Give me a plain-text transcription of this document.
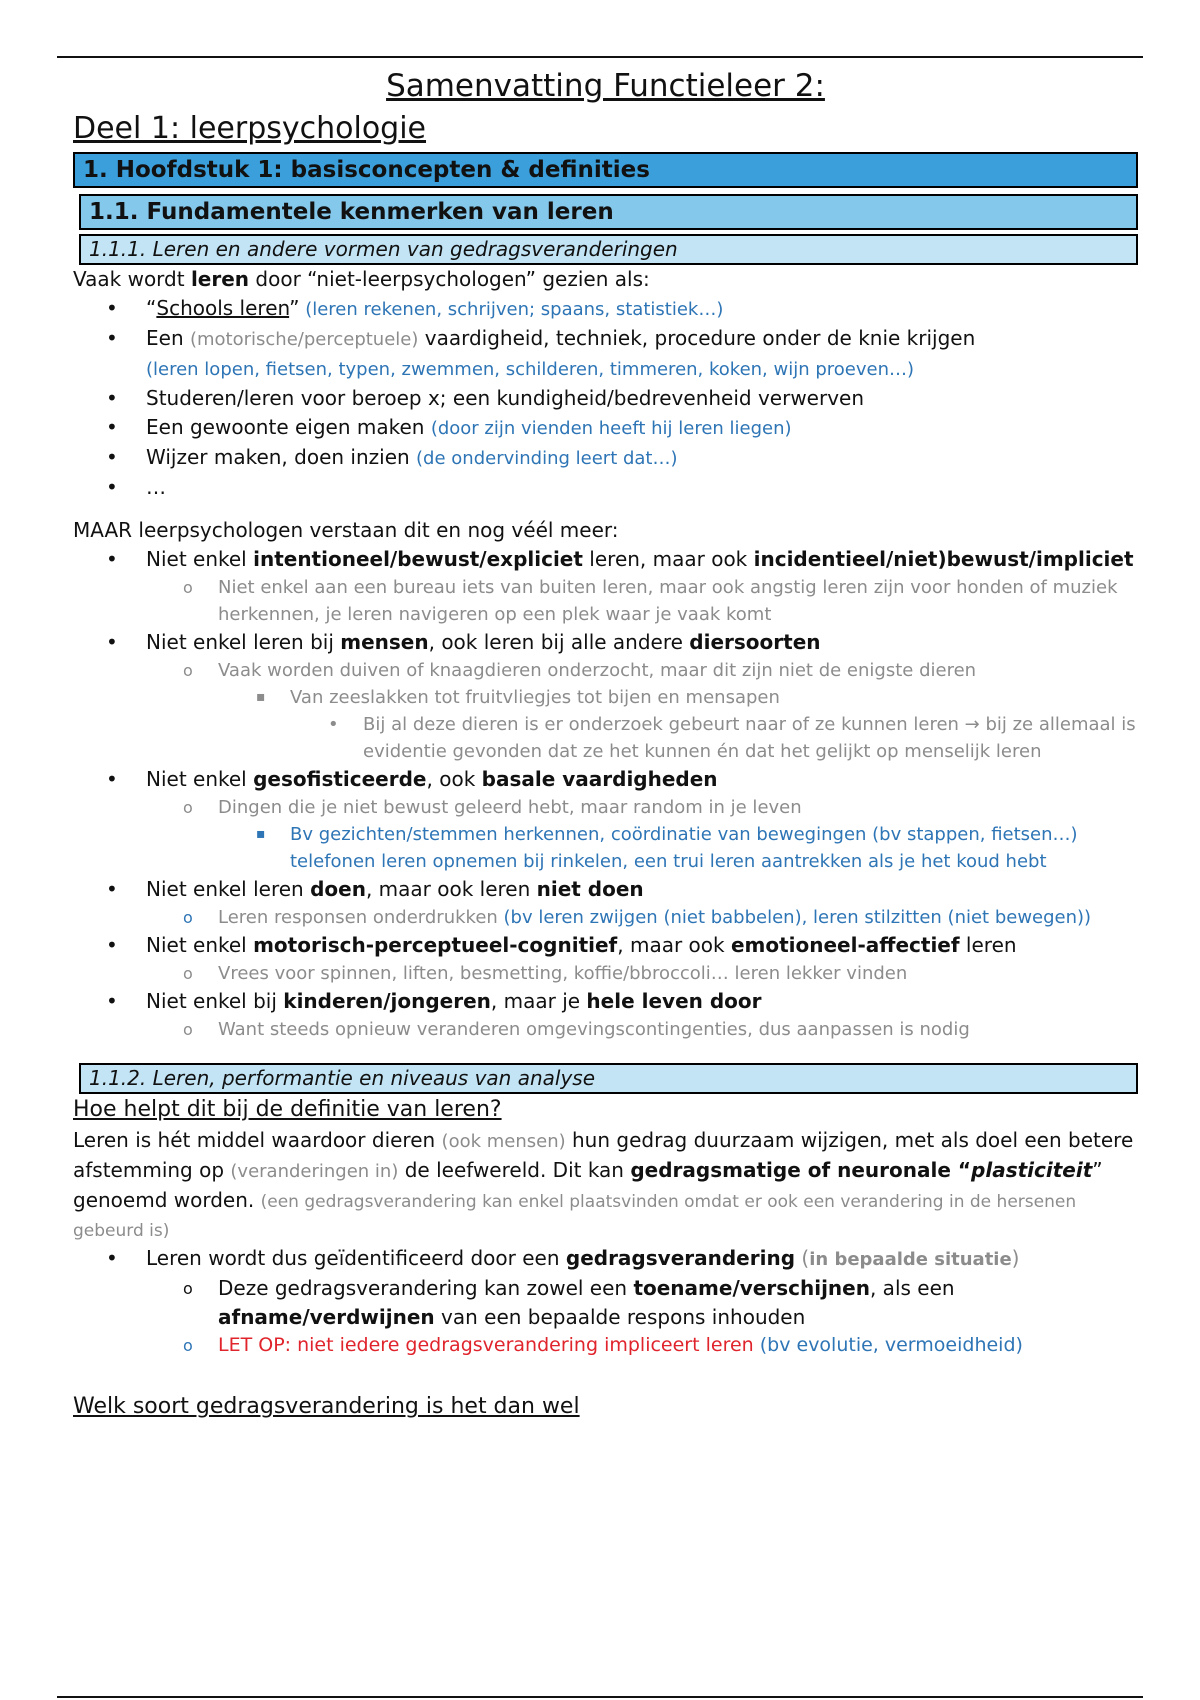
Samenvatting Functieleer 2:
Deel 1: leerpsychologie
1. Hoofdstuk 1: basisconcepten & definities
1.1. Fundamentele kenmerken van leren
1.1.1. Leren en andere vormen van gedragsveranderingen

Vaak wordt leren door “niet-leerpsychologen” gezien als:

• “Schools leren” (leren rekenen, schrijven; spaans, statistiek…)
• Een (motorische/perceptuele) vaardigheid, techniek, procedure onder de knie krijgen
(leren lopen, fietsen, typen, zwemmen, schilderen, timmeren, koken, wijn proeven…)
• Studeren/leren voor beroep x; een kundigheid/bedrevenheid verwerven
• Een gewoonte eigen maken (door zijn vienden heeft hij leren liegen)
• Wijzer maken, doen inzien (de ondervinding leert dat…)
• …

MAAR leerpsychologen verstaan dit en nog véél meer:

• Niet enkel intentioneel/bewust/expliciet leren, maar ook incidentieel/niet)bewust/impliciet
o Niet enkel aan een bureau iets van buiten leren, maar ook angstig leren zijn voor honden of muziek herkennen, je leren navigeren op een plek waar je vaak komt
• Niet enkel leren bij mensen, ook leren bij alle andere diersoorten
o Vaak worden duiven of knaagdieren onderzocht, maar dit zijn niet de enigste dieren
▪ Van zeeslakken tot fruitvliegjes tot bijen en mensapen
• Bij al deze dieren is er onderzoek gebeurt naar of ze kunnen leren → bij ze allemaal is evidentie gevonden dat ze het kunnen én dat het gelijkt op menselijk leren
• Niet enkel gesofisticeerde, ook basale vaardigheden
o Dingen die je niet bewust geleerd hebt, maar random in je leven
▪ Bv gezichten/stemmen herkennen, coördinatie van bewegingen (bv stappen, fietsen…) telefonen leren opnemen bij rinkelen, een trui leren aantrekken als je het koud hebt
• Niet enkel leren doen, maar ook leren niet doen
o Leren responsen onderdrukken (bv leren zwijgen (niet babbelen), leren stilzitten (niet bewegen))
• Niet enkel motorisch-perceptueel-cognitief, maar ook emotioneel-affectief leren
o Vrees voor spinnen, liften, besmetting, koffie/bbroccoli… leren lekker vinden
• Niet enkel bij kinderen/jongeren, maar je hele leven door
o Want steeds opnieuw veranderen omgevingscontingenties, dus aanpassen is nodig
1.1.2. Leren, performantie en niveaus van analyse
Hoe helpt dit bij de definitie van leren?

Leren is hét middel waardoor dieren (ook mensen) hun gedrag duurzaam wijzigen, met als doel een betere afstemming op (veranderingen in) de leefwereld. Dit kan gedragsmatige of neuronale “plasticiteit” genoemd worden. (een gedragsverandering kan enkel plaatsvinden omdat er ook een verandering in de hersenen gebeurd is)

• Leren wordt dus geïdentificeerd door een gedragsverandering (in bepaalde situatie)
o Deze gedragsverandering kan zowel een toename/verschijnen, als een afname/verdwijnen van een bepaalde respons inhouden
o LET OP: niet iedere gedragsverandering impliceert leren (bv evolutie, vermoeidheid)
Welk soort gedragsverandering is het dan wel
